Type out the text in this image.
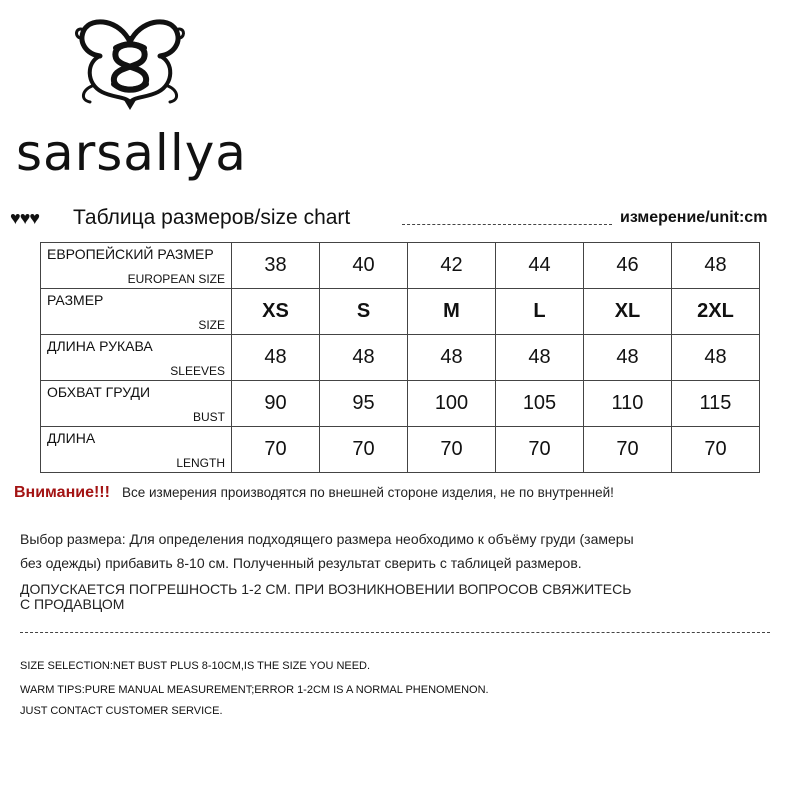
sarsallya
♥♥♥ Таблица размеров/size chart	измерение/unit:cm
ЕВРОПЕЙСКИЙ РАЗМЕР
EUROPEAN SIZE	38	40	42	44	46	48

РАЗМЕР
SIZE	XS	S	M	L	XL	2XL

ДЛИНА РУКАВА
SLEEVES	48	48	48	48	48	48

ОБХВАТ ГРУДИ
BUST	90	95	100	105	110	115

ДЛИНА
LENGTH	70	70	70	70	70	70
Внимание!!! Все измерения производятся по внешней стороне изделия, не по внутренней!
Выбор размера: Для определения подходящего размера необходимо к объёму груди (замеры
без одежды) прибавить 8-10 см. Полученный результат сверить с таблицей размеров.
ДОПУСКАЕТСЯ ПОГРЕШНОСТЬ 1-2 СМ. ПРИ ВОЗНИКНОВЕНИИ ВОПРОСОВ СВЯЖИТЕСЬ
С ПРОДАВЦОМ
SIZE SELECTION:NET BUST PLUS 8-10CM,IS THE SIZE YOU NEED.
WARM TIPS:PURE MANUAL MEASUREMENT;ERROR 1-2CM IS A NORMAL PHENOMENON.
JUST CONTACT CUSTOMER SERVICE.
